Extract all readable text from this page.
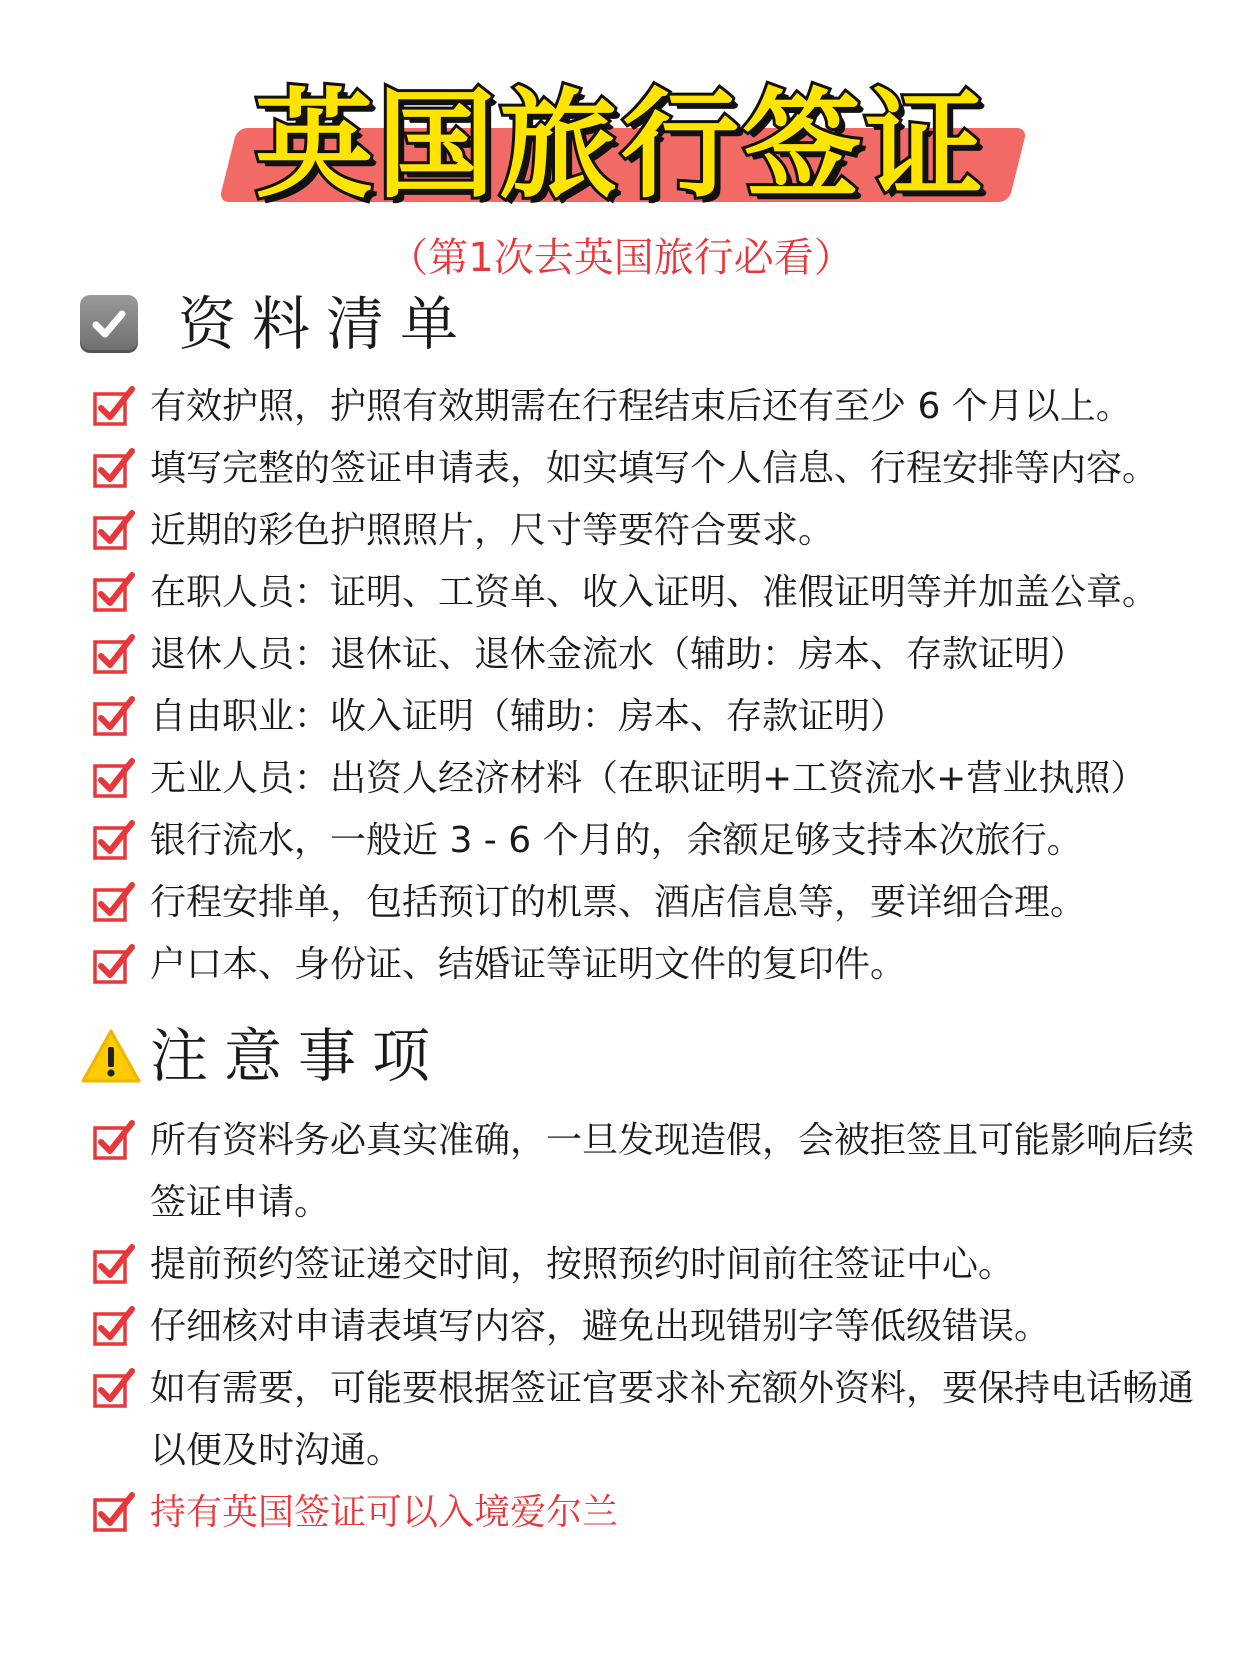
英国旅行签证
（第1次去英国旅行必看）
资料清单
有效护照，护照有效期需在行程结束后还有至少 6 个月以上。
填写完整的签证申请表，如实填写个人信息、行程安排等内容。
近期的彩色护照照片，尺寸等要符合要求。
在职人员：证明、工资单、收入证明、准假证明等并加盖公章。
退休人员：退休证、退休金流水（辅助：房本、存款证明）
自由职业：收入证明（辅助：房本、存款证明）
无业人员：出资人经济材料（在职证明+工资流水+营业执照）
银行流水，一般近 3 - 6 个月的，余额足够支持本次旅行。
行程安排单，包括预订的机票、酒店信息等，要详细合理。
户口本、身份证、结婚证等证明文件的复印件。
注意事项
所有资料务必真实准确，一旦发现造假，会被拒签且可能影响后续签证申请。
提前预约签证递交时间，按照预约时间前往签证中心。
仔细核对申请表填写内容，避免出现错别字等低级错误。
如有需要，可能要根据签证官要求补充额外资料，要保持电话畅通以便及时沟通。
持有英国签证可以入境爱尔兰
